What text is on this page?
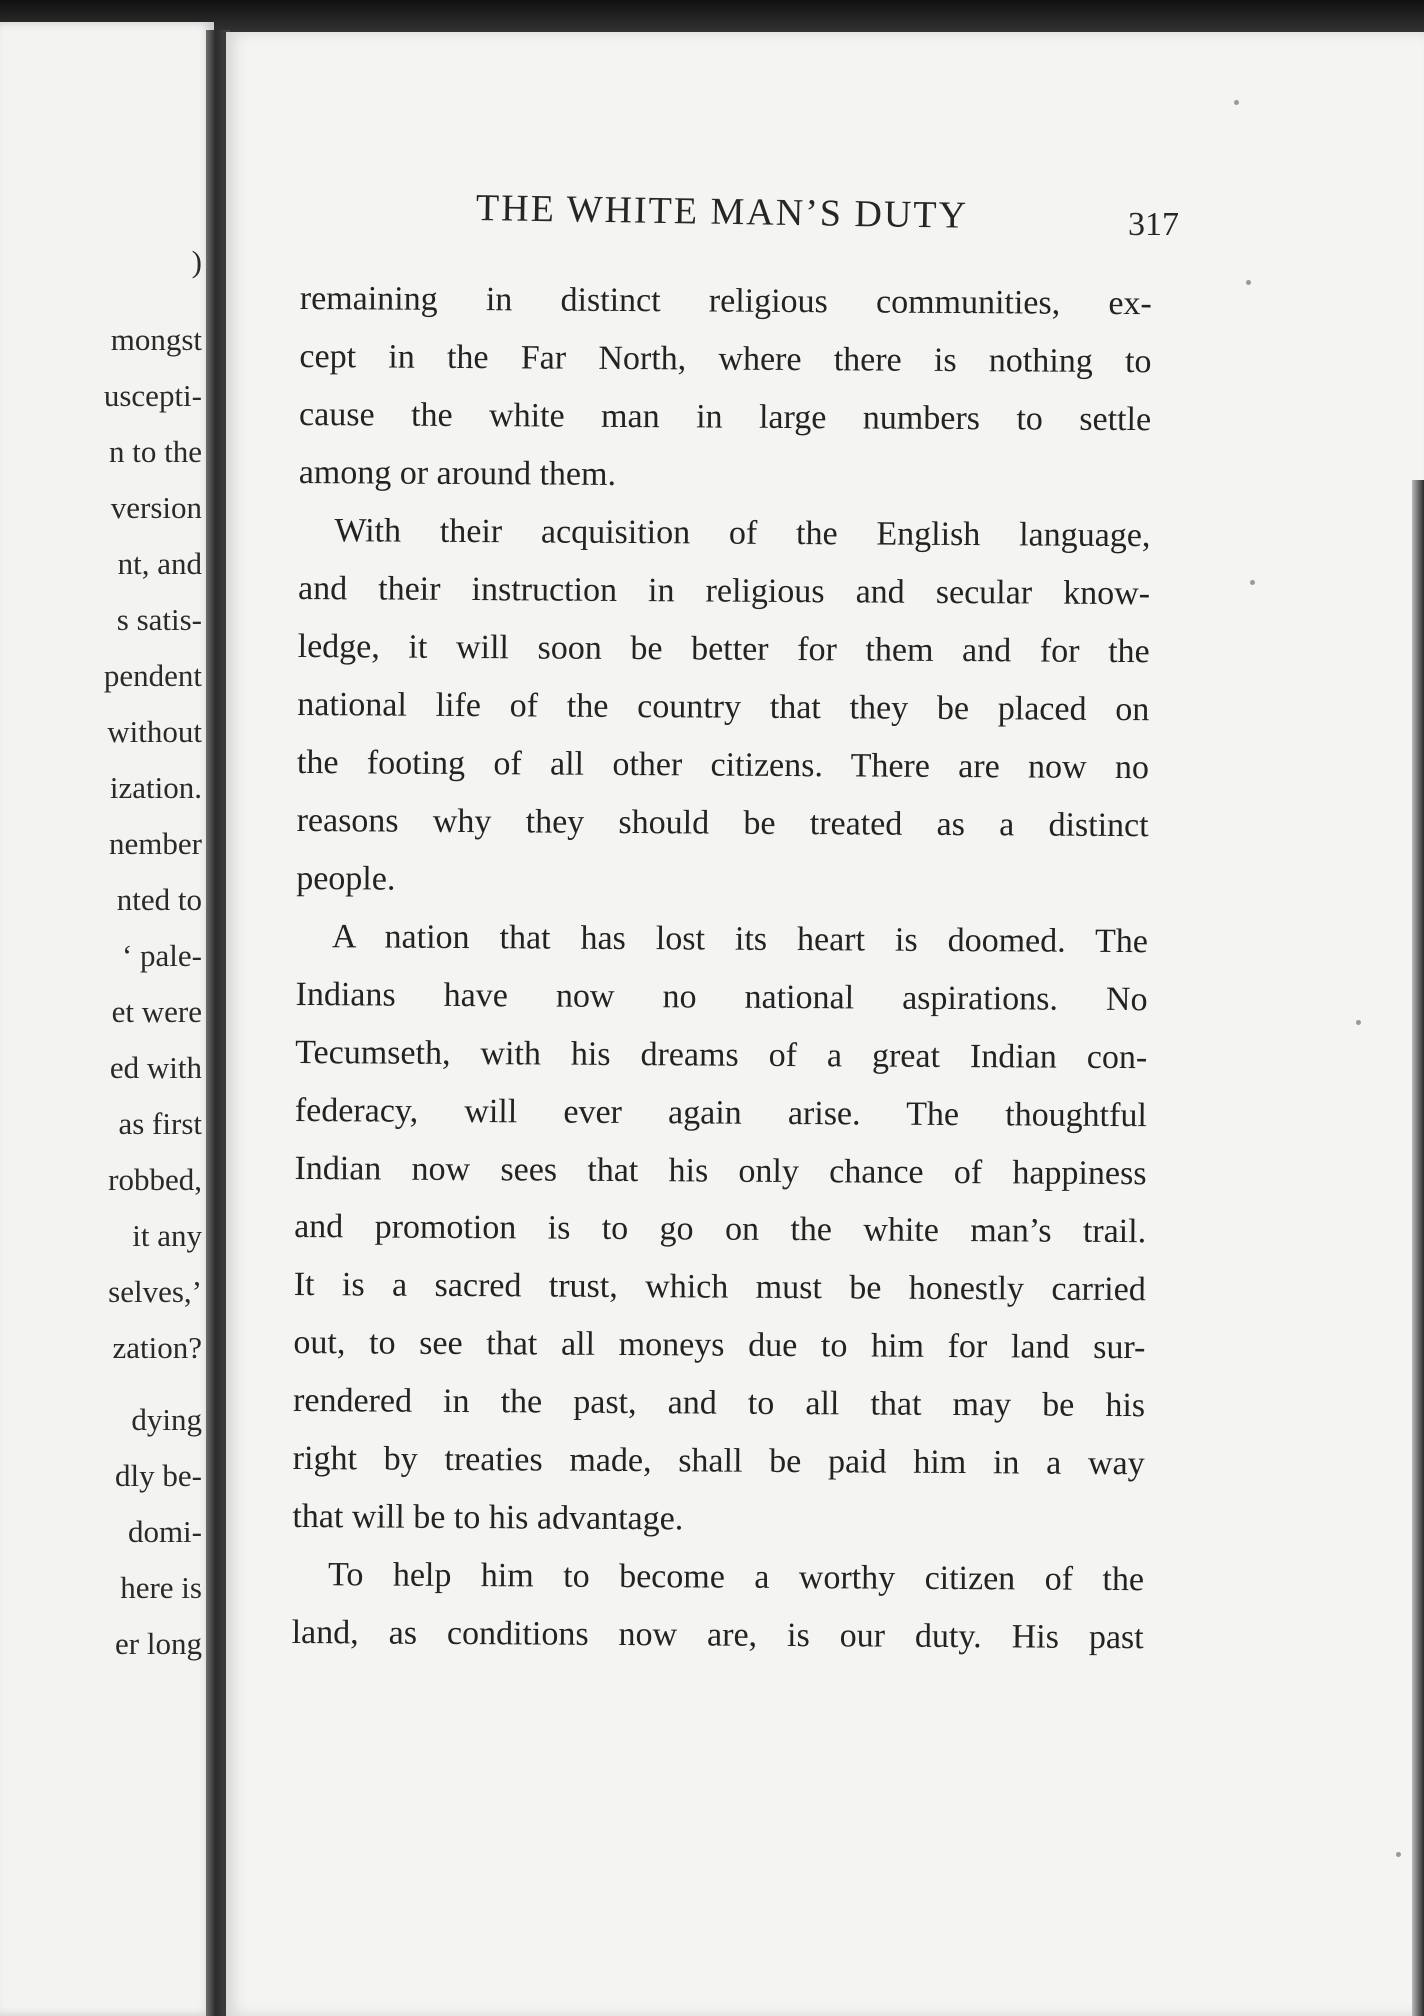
)
mongst
uscepti-
n to the
version
nt, and
s satis-
pendent
without
ization.
nember
nted to
‘ pale-
et were
ed with
as first
robbed,
it any
selves,’
zation?
dying
dly be-
domi-
here is
er long
THE WHITE MAN’S DUTY	317
remaining in distinct religious communities, ex-
cept in the Far North, where there is nothing to
cause the white man in large numbers to settle
among or around them.
With their acquisition of the English language,
and their instruction in religious and secular know-
ledge, it will soon be better for them and for the
national life of the country that they be placed on
the footing of all other citizens. There are now no
reasons why they should be treated as a distinct
people.
A nation that has lost its heart is doomed. The
Indians have now no national aspirations. No
Tecumseth, with his dreams of a great Indian con-
federacy, will ever again arise. The thoughtful
Indian now sees that his only chance of happiness
and promotion is to go on the white man’s trail.
It is a sacred trust, which must be honestly carried
out, to see that all moneys due to him for land sur-
rendered in the past, and to all that may be his
right by treaties made, shall be paid him in a way
that will be to his advantage.
To help him to become a worthy citizen of the
land, as conditions now are, is our duty. His past
